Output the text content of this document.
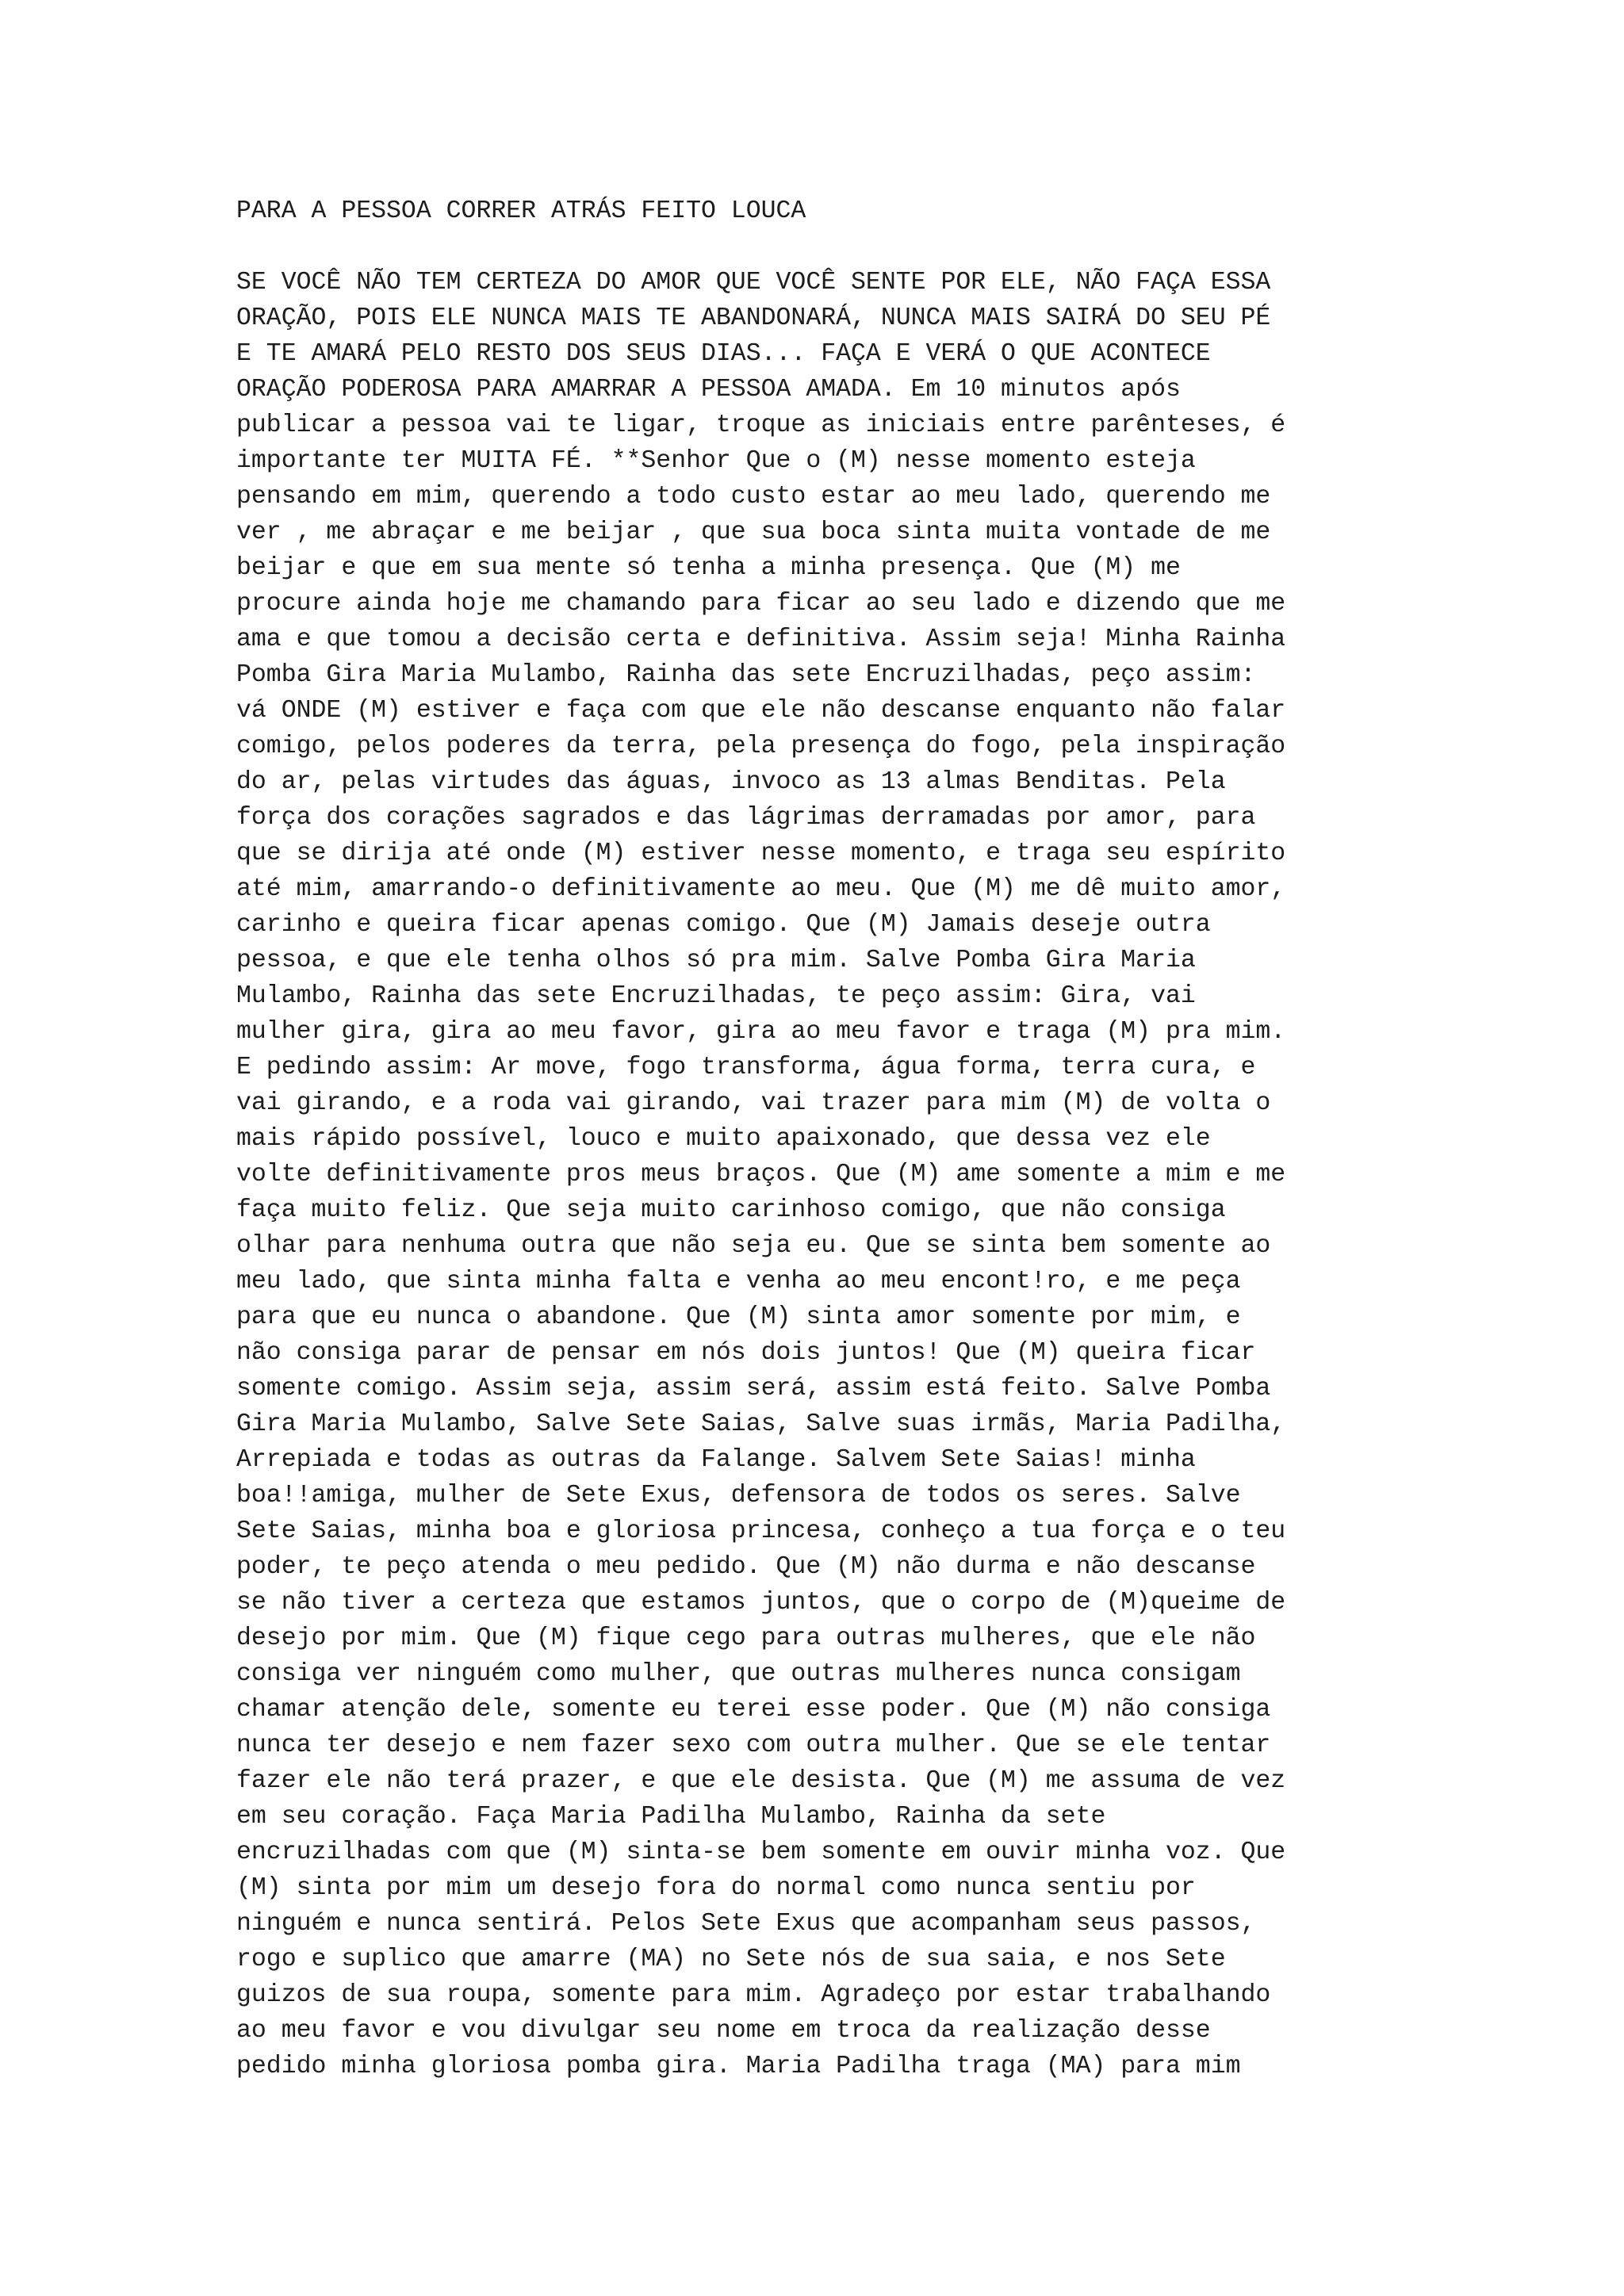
PARA A PESSOA CORRER ATRÁS FEITO LOUCA
SE VOCÊ NÃO TEM CERTEZA DO AMOR QUE VOCÊ SENTE POR ELE, NÃO FAÇA ESSA
ORAÇÃO, POIS ELE NUNCA MAIS TE ABANDONARÁ, NUNCA MAIS SAIRÁ DO SEU PÉ
E TE AMARÁ PELO RESTO DOS SEUS DIAS... FAÇA E VERÁ O QUE ACONTECE
ORAÇÃO PODEROSA PARA AMARRAR A PESSOA AMADA. Em 10 minutos após
publicar a pessoa vai te ligar, troque as iniciais entre parênteses, é
importante ter MUITA FÉ. **Senhor Que o (M) nesse momento esteja
pensando em mim, querendo a todo custo estar ao meu lado, querendo me
ver , me abraçar e me beijar , que sua boca sinta muita vontade de me
beijar e que em sua mente só tenha a minha presença. Que (M) me
procure ainda hoje me chamando para ficar ao seu lado e dizendo que me
ama e que tomou a decisão certa e definitiva. Assim seja! Minha Rainha
Pomba Gira Maria Mulambo, Rainha das sete Encruzilhadas, peço assim:
vá ONDE (M) estiver e faça com que ele não descanse enquanto não falar
comigo, pelos poderes da terra, pela presença do fogo, pela inspiração
do ar, pelas virtudes das águas, invoco as 13 almas Benditas. Pela
força dos corações sagrados e das lágrimas derramadas por amor, para
que se dirija até onde (M) estiver nesse momento, e traga seu espírito
até mim, amarrando-o definitivamente ao meu. Que (M) me dê muito amor,
carinho e queira ficar apenas comigo. Que (M) Jamais deseje outra
pessoa, e que ele tenha olhos só pra mim. Salve Pomba Gira Maria
Mulambo, Rainha das sete Encruzilhadas, te peço assim: Gira, vai
mulher gira, gira ao meu favor, gira ao meu favor e traga (M) pra mim.
E pedindo assim: Ar move, fogo transforma, água forma, terra cura, e
vai girando, e a roda vai girando, vai trazer para mim (M) de volta o
mais rápido possível, louco e muito apaixonado, que dessa vez ele
volte definitivamente pros meus braços. Que (M) ame somente a mim e me
faça muito feliz. Que seja muito carinhoso comigo, que não consiga
olhar para nenhuma outra que não seja eu. Que se sinta bem somente ao
meu lado, que sinta minha falta e venha ao meu encont!ro, e me peça
para que eu nunca o abandone. Que (M) sinta amor somente por mim, e
não consiga parar de pensar em nós dois juntos! Que (M) queira ficar
somente comigo. Assim seja, assim será, assim está feito. Salve Pomba
Gira Maria Mulambo, Salve Sete Saias, Salve suas irmãs, Maria Padilha,
Arrepiada e todas as outras da Falange. Salvem Sete Saias! minha
boa!!amiga, mulher de Sete Exus, defensora de todos os seres. Salve
Sete Saias, minha boa e gloriosa princesa, conheço a tua força e o teu
poder, te peço atenda o meu pedido. Que (M) não durma e não descanse
se não tiver a certeza que estamos juntos, que o corpo de (M)queime de
desejo por mim. Que (M) fique cego para outras mulheres, que ele não
consiga ver ninguém como mulher, que outras mulheres nunca consigam
chamar atenção dele, somente eu terei esse poder. Que (M) não consiga
nunca ter desejo e nem fazer sexo com outra mulher. Que se ele tentar
fazer ele não terá prazer, e que ele desista. Que (M) me assuma de vez
em seu coração. Faça Maria Padilha Mulambo, Rainha da sete
encruzilhadas com que (M) sinta-se bem somente em ouvir minha voz. Que
(M) sinta por mim um desejo fora do normal como nunca sentiu por
ninguém e nunca sentirá. Pelos Sete Exus que acompanham seus passos,
rogo e suplico que amarre (MA) no Sete nós de sua saia, e nos Sete
guizos de sua roupa, somente para mim. Agradeço por estar trabalhando
ao meu favor e vou divulgar seu nome em troca da realização desse
pedido minha gloriosa pomba gira. Maria Padilha traga (MA) para mim
